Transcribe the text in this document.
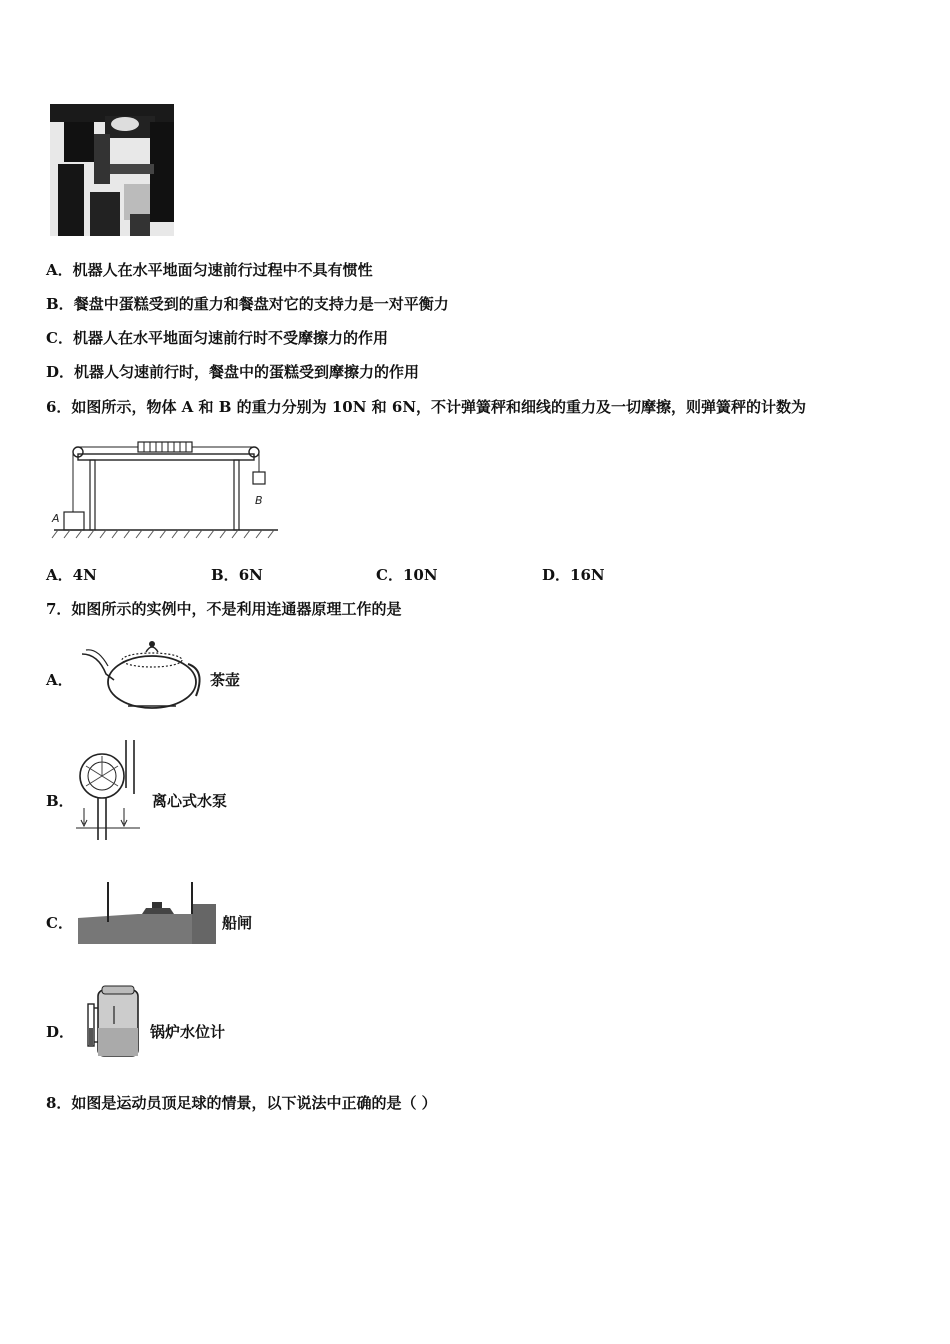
A．机器人在水平地面匀速前行过程中不具有惯性
B．餐盘中蛋糕受到的重力和餐盘对它的支持力是一对平衡力
C．机器人在水平地面匀速前行时不受摩擦力的作用
D．机器人匀速前行时，餐盘中的蛋糕受到摩擦力的作用
6．如图所示，物体 A 和 B 的重力分别为 10N 和 6N，不计弹簧秤和细线的重力及一切摩擦，则弹簧秤的计数为
A
B
A．4N	B．6N	C．10N	D．16N
7．如图所示的实例中，不是利用连通器原理工作的是
A．	茶壶
B．	离心式水泵
C．	船闸
D．	锅炉水位计
8．如图是运动员顶足球的情景，以下说法中正确的是（ ）
